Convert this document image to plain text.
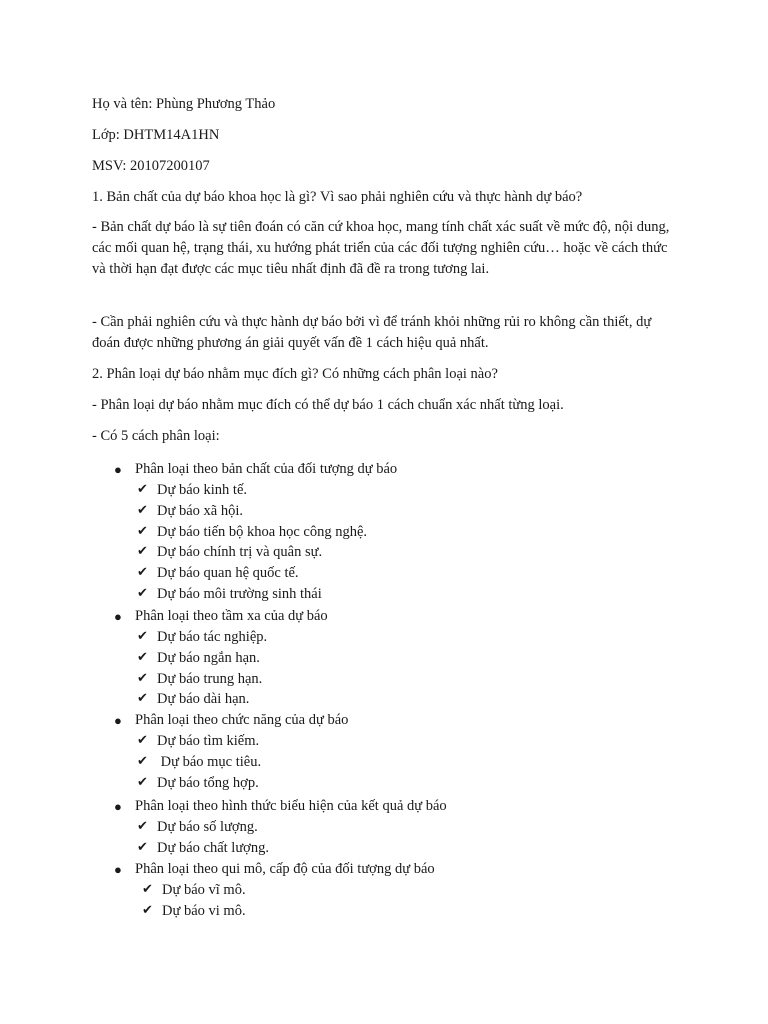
Họ và tên: Phùng Phương Thảo
Lớp: DHTM14A1HN
MSV: 20107200107
1. Bản chất của dự báo khoa học là gì? Vì sao phải nghiên cứu và thực hành dự báo?
- Bản chất dự báo là sự tiên đoán có căn cứ khoa học, mang tính chất xác suất về mức độ, nội dung, các mối quan hệ, trạng thái, xu hướng phát triển của các đối tượng nghiên cứu… hoặc về cách thức và thời hạn đạt được các mục tiêu nhất định đã đề ra trong tương lai.
- Cần phải nghiên cứu và thực hành dự báo bởi vì để tránh khỏi những rủi ro không cần thiết, dự đoán được những phương án giải quyết vấn đề 1 cách hiệu quả nhất.
2. Phân loại dự báo nhằm mục đích gì? Có những cách phân loại nào?
- Phân loại dự báo nhằm mục đích có thể dự báo 1 cách chuẩn xác nhất từng loại.
- Có 5 cách phân loại:
● Phân loại theo bản chất của đối tượng dự báo
✔ Dự báo kinh tế.
✔ Dự báo xã hội.
✔ Dự báo tiến bộ khoa học công nghệ.
✔ Dự báo chính trị và quân sự.
✔ Dự báo quan hệ quốc tế.
✔ Dự báo môi trường sinh thái
● Phân loại theo tầm xa của dự báo
✔ Dự báo tác nghiệp.
✔ Dự báo ngắn hạn.
✔ Dự báo trung hạn.
✔ Dự báo dài hạn.
● Phân loại theo chức năng của dự báo
✔ Dự báo tìm kiếm.
✔ Dự báo mục tiêu.
✔ Dự báo tổng hợp.
● Phân loại theo hình thức biểu hiện của kết quả dự báo
✔ Dự báo số lượng.
✔ Dự báo chất lượng.
● Phân loại theo qui mô, cấp độ của đối tượng dự báo
✔ Dự báo vĩ mô.
✔ Dự báo vi mô.
